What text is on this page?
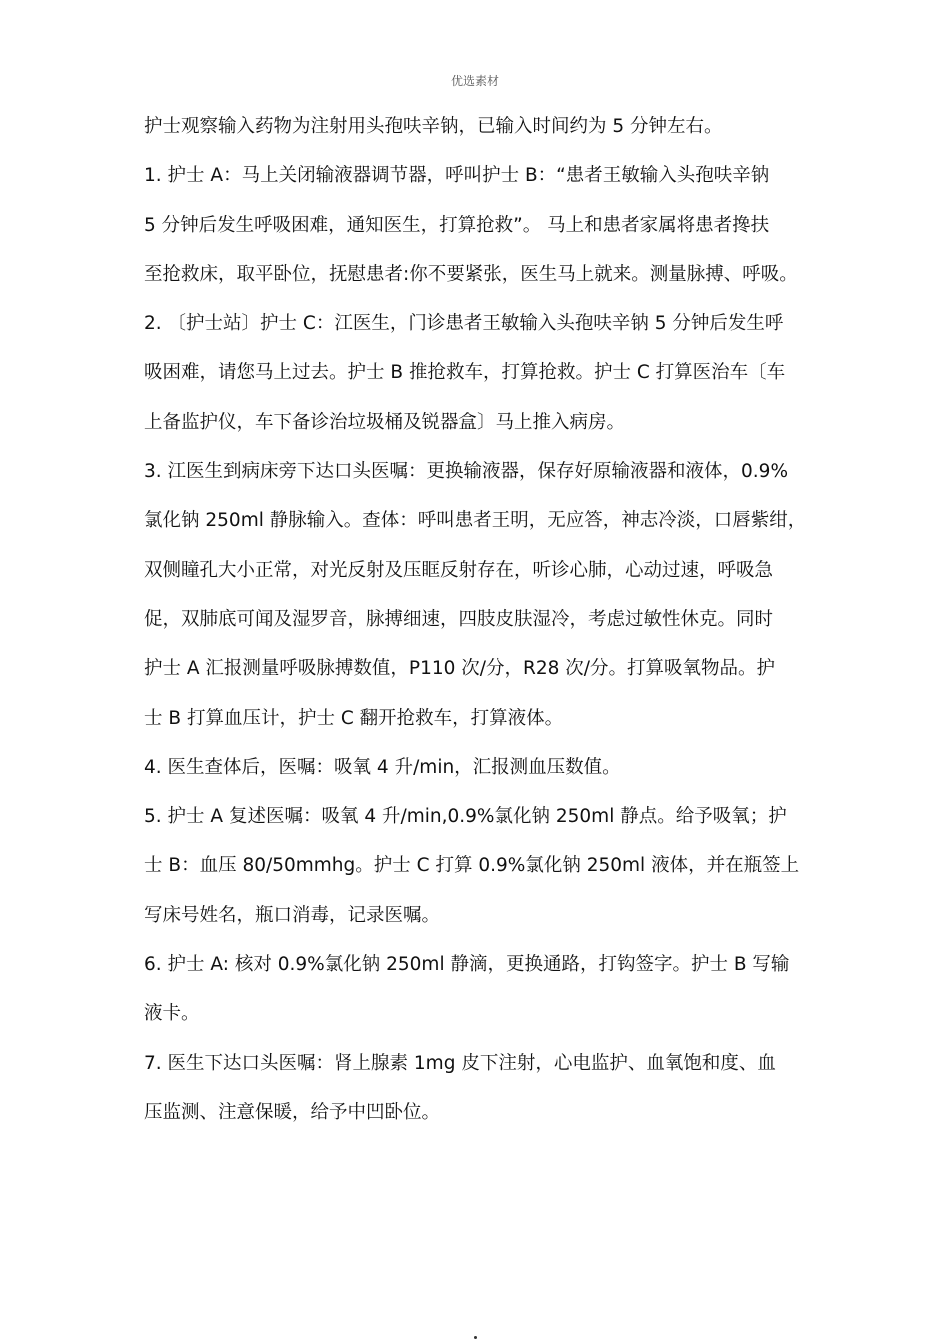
优选素材
护士观察输入药物为注射用头孢呋辛钠，已输入时间约为 5 分钟左右。
1. 护士 A：马上关闭输液器调节器，呼叫护士 B：“患者王敏输入头孢呋辛钠
5 分钟后发生呼吸困难，通知医生，打算抢救”。 马上和患者家属将患者搀扶
至抢救床，取平卧位，抚慰患者:你不要紧张，医生马上就来。测量脉搏、呼吸。
2. 〔护士站〕护士 C：江医生，门诊患者王敏输入头孢呋辛钠 5 分钟后发生呼
吸困难，请您马上过去。护士 B 推抢救车，打算抢救。护士 C 打算医治车〔车
上备监护仪，车下备诊治垃圾桶及锐器盒〕马上推入病房。
3. 江医生到病床旁下达口头医嘱：更换输液器，保存好原输液器和液体，0.9%
氯化钠 250ml 静脉输入。查体：呼叫患者王明，无应答，神志冷淡，口唇紫绀，
双侧瞳孔大小正常，对光反射及压眶反射存在，听诊心肺，心动过速，呼吸急
促，双肺底可闻及湿罗音，脉搏细速，四肢皮肤湿冷，考虑过敏性休克。同时
护士 A 汇报测量呼吸脉搏数值，P110 次/分，R28 次/分。打算吸氧物品。护
士 B 打算血压计，护士 C 翻开抢救车，打算液体。
4. 医生查体后，医嘱：吸氧 4 升/min，汇报测血压数值。
5. 护士 A 复述医嘱：吸氧 4 升/min,0.9%氯化钠 250ml 静点。给予吸氧；护
士 B：血压 80/50mmhg。护士 C 打算 0.9%氯化钠 250ml 液体，并在瓶签上
写床号姓名，瓶口消毒，记录医嘱。
6. 护士 A: 核对 0.9%氯化钠 250ml 静滴，更换通路，打钩签字。护士 B 写输
液卡。
7. 医生下达口头医嘱：肾上腺素 1mg 皮下注射，心电监护、血氧饱和度、血
压监测、注意保暖，给予中凹卧位。
